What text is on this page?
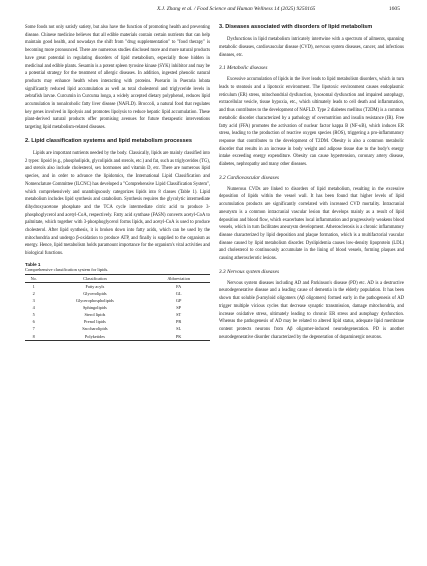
X.J. Zhang et al. / Food Science and Human Wellness 14 (2025) 9250165	1605

Some foods not only satisfy satiety, but also have the function of promoting health and preventing disease. Chinese medicine believes that all edible materials contain certain nutrients that can help maintain good health, and nowadays the shift from "drug supplementation" to "food therapy" is becoming more pronounced. There are numerous studies disclosed more and more natural products have great potential in regulating disorders of lipid metabolism, especially those hidden in medicinal and edible plants. Sesamin is a potent spleen tyrosine kinase (SYK) inhibitor and may be a potential strategy for the treatment of allergic diseases. In addition, ingested phenolic natural products may enhance health when interacting with proteins. Puerarin in Pueraria lobata significantly reduced lipid accumulation as well as total cholesterol and triglyceride levels in zebrafish larvae. Curcumin in Curcuma longa, a widely accepted dietary polyphenol, reduces lipid accumulation in nonalcoholic fatty liver disease (NAFLD). Broccoli, a natural food that regulates key genes involved in lipolysis and promotes lipolysis to reduce hepatic lipid accumulation. These plant-derived natural products offer promising avenues for future therapeutic interventions targeting lipid metabolism-related diseases.

2. Lipid classification systems and lipid metabolism processes

Lipids are important nutrients needed by the body. Classically, lipids are mainly classified into 2 types: lipoid (e.g., phospholipids, glycolipids and sterols, etc.) and fat, such as triglycerides (TG), and sterols also include cholesterol, sex hormones and vitamin D, etc. There are numerous lipid species, and in order to advance the lipidomics, the International Lipid Classification and Nomenclature Committee (ILCNC) has developed a "Comprehensive Lipid Classification System", which comprehensively and unambiguously categorizes lipids into 8 classes (Table 1). Lipid metabolism includes lipid synthesis and catabolism. Synthesis requires the glycolytic intermediate dihydroxyacetone phosphate and the TCA cycle intermediate citric acid to produce 3-phosphoglycerol and acetyl-CoA, respectively. Fatty acid synthase (FASN) converts acetyl-CoA to palmitate, which together with 3-phosphoglycerol forms lipids, and acetyl-CoA is used to produce cholesterol. After lipid synthesis, it is broken down into fatty acids, which can be used by the mitochondria and undergo β-oxidation to produce ATP, and finally is supplied to the organism as energy. Hence, lipid metabolism holds paramount importance for the organism's vital activities and biological functions.

Table 1
Comprehensive classification system for lipids.
No.	Classification	Abbreviation
1	Fatty acyls	FA
2	Glycerolipids	GL
3	Glycerophospholipids	GP
4	Sphingolipids	SP
5	Sterol lipids	ST
6	Prenol lipids	PR
7	Saccharolipids	SL
8	Polyketides	PK
3. Diseases associated with disorders of lipid metabolism

Dysfunctions in lipid metabolism intricately intertwine with a spectrum of ailments, spanning metabolic diseases, cardiovascular disease (CVD), nervous system diseases, cancer, and infectious diseases, etc.

3.1 Metabolic diseases

Excessive accumulation of lipids in the liver leads to lipid metabolism disorders, which in turn leads to steatosis and a lipotoxic environment. The lipotoxic environment causes endoplasmic reticulum (ER) stress, mitochondrial dysfunction, lysosomal dysfunction and impaired autophagy, extracellular vesicle, tissue hypoxia, etc., which ultimately leads to cell death and inflammation, and thus contributes to the development of NAFLD. Type 2 diabetes mellitus (T2DM) is a common metabolic disorder characterized by a pathology of overnutrition and insulin resistance (IR). Free fatty acid (FFA) promotes the activation of nuclear factor kappa B (NF-κB), which induces ER stress, leading to the production of reactive oxygen species (ROS), triggering a pro-inflammatory response that contributes to the development of T2DM. Obesity is also a common metabolic disorder that results in an increase in body weight and adipose tissue due to the body's energy intake exceeding energy expenditure. Obesity can cause hypertension, coronary artery disease, diabetes, nephropathy and many other diseases.

3.2 Cardiovascular diseases

Numerous CVDs are linked to disorders of lipid metabolism, resulting in the excessive deposition of lipids within the vessel wall. It has been found that higher levels of lipid accumulation products are significantly correlated with increased CVD mortality. Intracranial aneurysm is a common intracranial vascular lesion that develops mainly as a result of lipid deposition and blood flow, which exacerbates local inflammation and progressively weakens blood vessels, which in turn facilitates aneurysm development. Atherosclerosis is a chronic inflammatory disease characterized by lipid deposition and plaque formation, which is a multifactorial vascular disease caused by lipid metabolism disorder. Dyslipidemia causes low-density lipoprotein (LDL) and cholesterol to continuously accumulate in the lining of blood vessels, forming plaques and causing atherosclerotic lesions.

3.3 Nervous system diseases

Nervous system diseases including AD and Parkinson's disease (PD) etc. AD is a destructive neurodegenerative disease and a leading cause of dementia in the elderly population. It has been shown that soluble β-amyloid oligomers (Aβ oligomers) formed early in the pathogenesis of AD trigger multiple vicious cycles that decrease synaptic transmission, damage mitochondria, and increase oxidative stress, ultimately leading to chronic ER stress and autophagy dysfunction. Whereas the pathogenesis of AD may be related to altered lipid status, adequate lipid membrane content protects neurons from Aβ oligomer-induced neurodegeneration. PD is another neurodegenerative disorder characterized by the degeneration of dopaminergic neurons.
